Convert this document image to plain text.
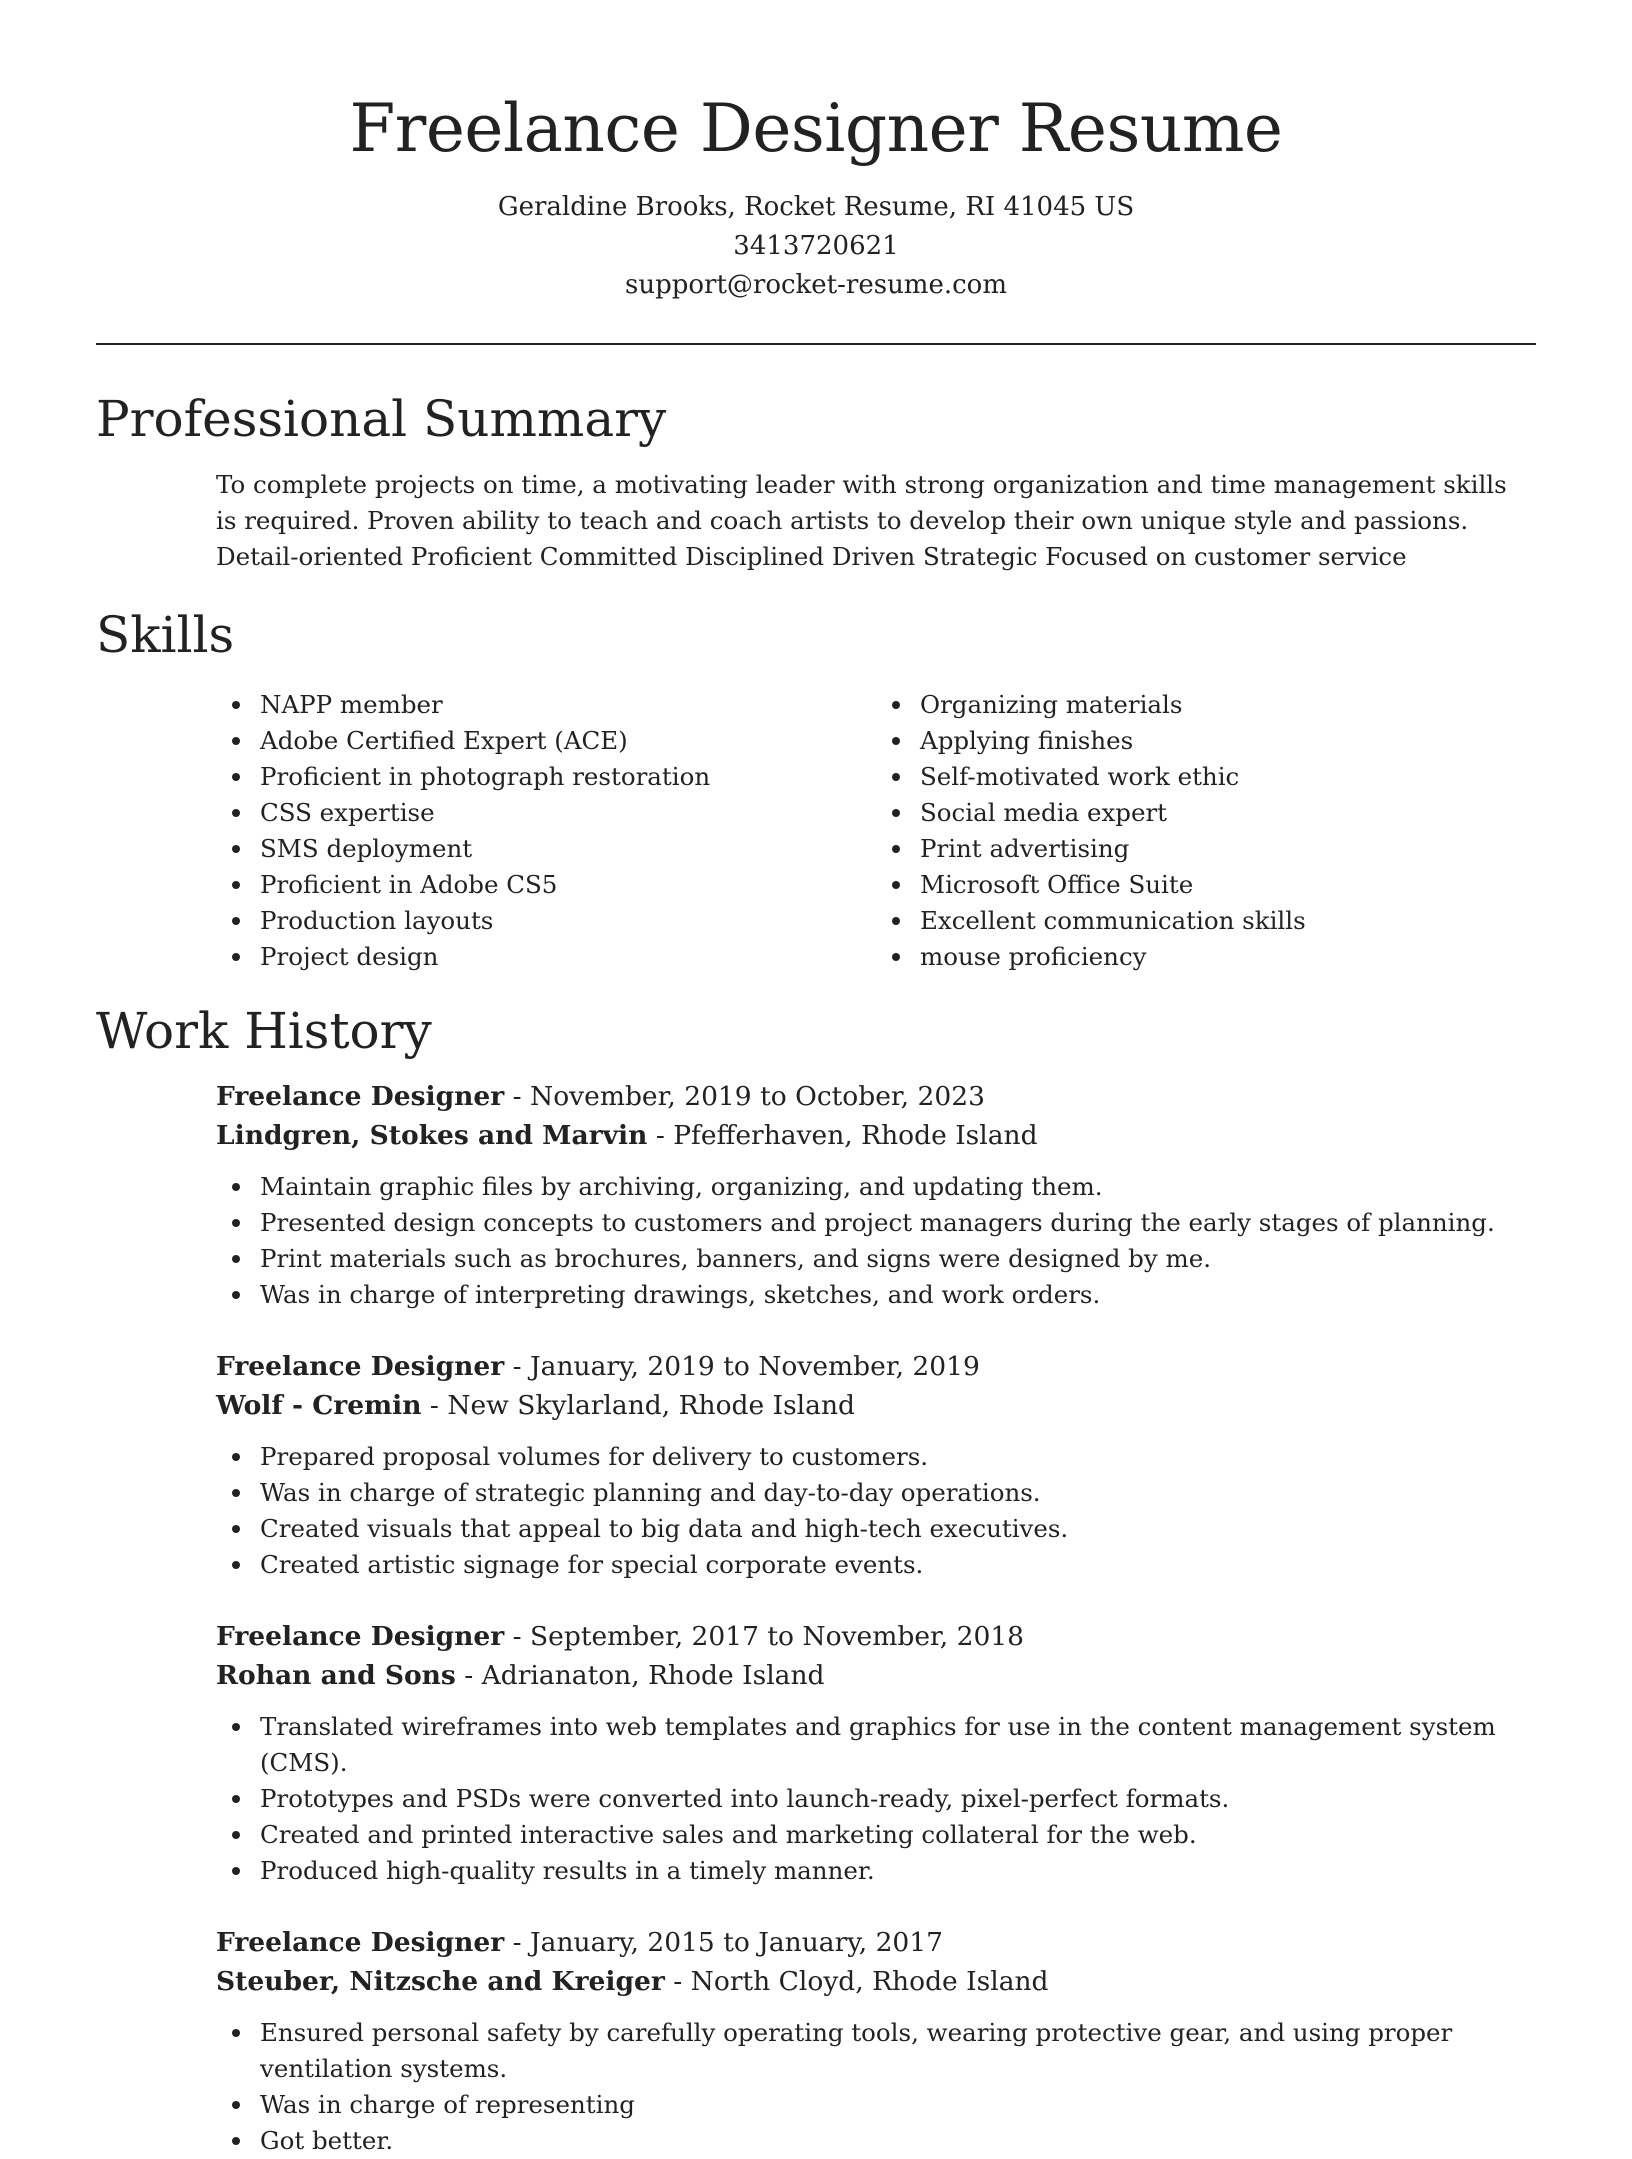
Freelance Designer Resume
Geraldine Brooks, Rocket Resume, RI 41045 US
3413720621
support@rocket-resume.com
Professional Summary

To complete projects on time, a motivating leader with strong organization and time management skills is required. Proven ability to teach and coach artists to develop their own unique style and passions. Detail-oriented Proficient Committed Disciplined Driven Strategic Focused on customer service

Skills
NAPP member
Adobe Certified Expert (ACE)
Proficient in photograph restoration
CSS expertise
SMS deployment
Proficient in Adobe CS5
Production layouts
Project design
Organizing materials
Applying finishes
Self-motivated work ethic
Social media expert
Print advertising
Microsoft Office Suite
Excellent communication skills
mouse proficiency
Work History
Freelance Designer - November, 2019 to October, 2023
Lindgren, Stokes and Marvin - Pfefferhaven, Rhode Island
Maintain graphic files by archiving, organizing, and updating them.
Presented design concepts to customers and project managers during the early stages of planning.
Print materials such as brochures, banners, and signs were designed by me.
Was in charge of interpreting drawings, sketches, and work orders.
Freelance Designer - January, 2019 to November, 2019
Wolf - Cremin - New Skylarland, Rhode Island
Prepared proposal volumes for delivery to customers.
Was in charge of strategic planning and day-to-day operations.
Created visuals that appeal to big data and high-tech executives.
Created artistic signage for special corporate events.
Freelance Designer - September, 2017 to November, 2018
Rohan and Sons - Adrianaton, Rhode Island
Translated wireframes into web templates and graphics for use in the content management system (CMS).
Prototypes and PSDs were converted into launch-ready, pixel-perfect formats.
Created and printed interactive sales and marketing collateral for the web.
Produced high-quality results in a timely manner.
Freelance Designer - January, 2015 to January, 2017
Steuber, Nitzsche and Kreiger - North Cloyd, Rhode Island
Ensured personal safety by carefully operating tools, wearing protective gear, and using proper ventilation systems.
Was in charge of representing
Got better.
